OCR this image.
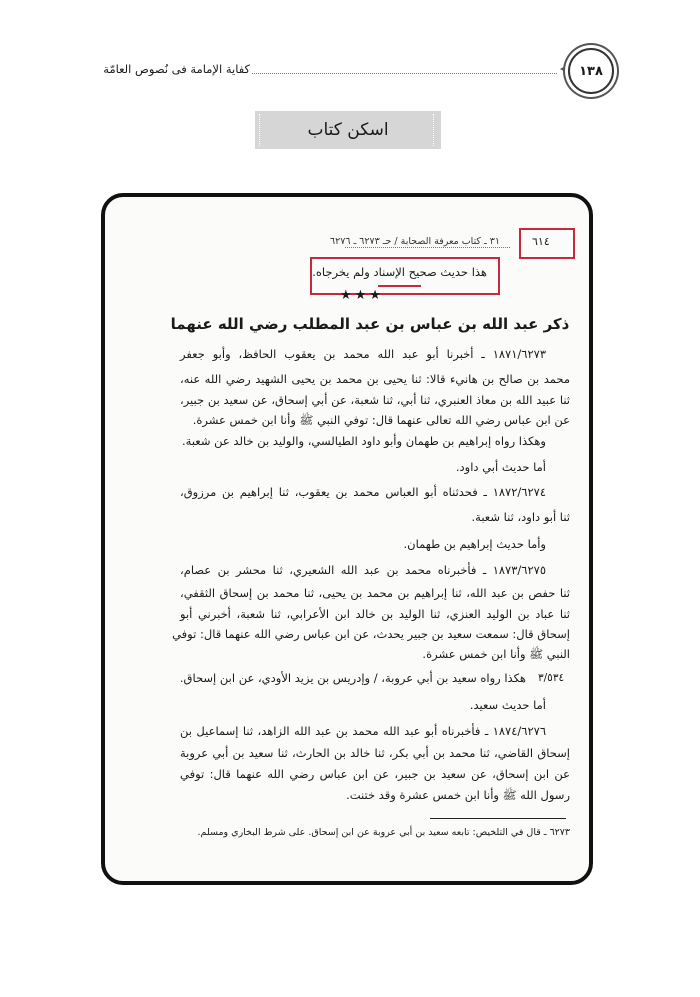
كفاية الإمامة فى نُصوص العامّة	١٣٨
اسكن كتاب
٦١٤
٣١ ـ كتاب معرفة الصحابة / حـ ٦٢٧٣ ـ ٦٢٧٦
هذا حديث صحيح الإسناد ولم يخرجاه.
★★★
ذكر عبد الله بن عباس بن عبد المطلب رضي الله عنهما
١٨٧١/٦٢٧٣ ـ أخبرنا أبو عبد الله محمد بن يعقوب الحافظ، وأبو جعفر
محمد بن صالح بن هانيء قالا: ثنا يحيى بن محمد بن يحيى الشهيد رضي الله عنه،
ثنا عبيد الله بن معاذ العنبري، ثنا أبي، ثنا شعبة، عن أبي إسحاق، عن سعيد بن جبير،
عن ابن عباس رضي الله تعالى عنهما قال: توفي النبي ﷺ وأنا ابن خمس عشرة.
وهكذا رواه إبراهيم بن طهمان وأبو داود الطيالسي، والوليد بن خالد عن شعبة.
أما حديث أبي داود.
١٨٧٢/٦٢٧٤ ـ فحدثناه أبو العباس محمد بن يعقوب، ثنا إبراهيم بن مرزوق،
ثنا أبو داود، ثنا شعبة.
وأما حديث إبراهيم بن طهمان.
١٨٧٣/٦٢٧٥ ـ فأخبرناه محمد بن عبد الله الشعيري، ثنا محشر بن عصام،
ثنا حفص بن عبد الله، ثنا إبراهيم بن محمد بن يحيى، ثنا محمد بن إسحاق الثقفي،
ثنا عباد بن الوليد العنزي، ثنا الوليد بن خالد ابن الأعرابي، ثنا شعبة، أخبرني أبو
إسحاق قال: سمعت سعيد بن جبير يحدث، عن ابن عباس رضي الله عنهما قال: توفي
النبي ﷺ وأنا ابن خمس عشرة.
هكذا رواه سعيد بن أبي عروبة، / وإدريس بن يزيد الأودي، عن ابن إسحاق. ٣/٥٣٤
أما حديث سعيد.
١٨٧٤/٦٢٧٦ ـ فأخبرناه أبو عبد الله محمد بن عبد الله الزاهد، ثنا إسماعيل بن
إسحاق القاضي، ثنا محمد بن أبي بكر، ثنا خالد بن الحارث، ثنا سعيد بن أبي عروبة
عن ابن إسحاق، عن سعيد بن جبير، عن ابن عباس رضي الله عنهما قال: توفي
رسول الله ﷺ وأنا ابن خمس عشرة وقد ختنت.
٦٢٧٣ ـ قال في التلخيص: تابعه سعيد بن أبي عروبة عن ابن إسحاق. على شرط البخاري ومسلم.
